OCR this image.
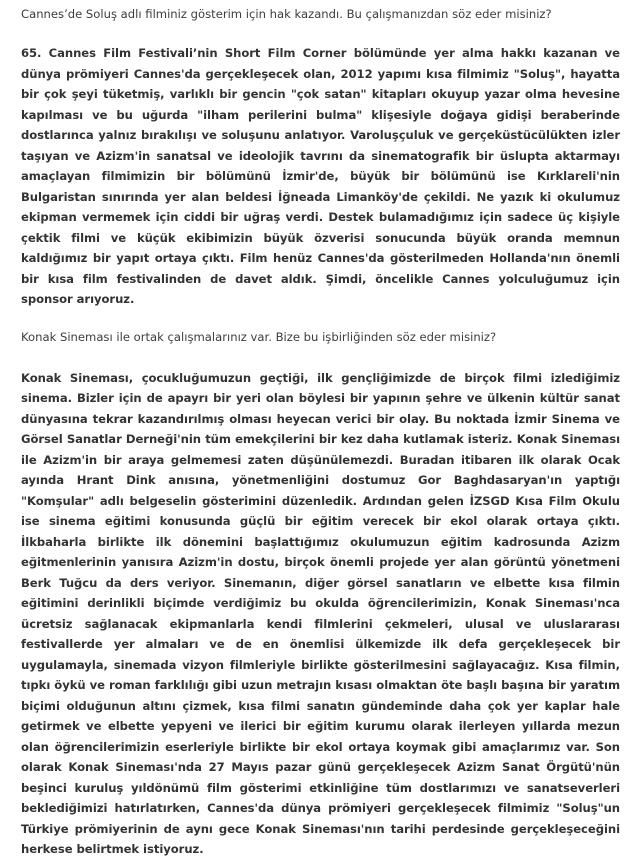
Cannes’de Soluş adlı filminiz gösterim için hak kazandı. Bu çalışmanızdan söz eder misiniz?

65. Cannes Film Festivali’nin Short Film Corner bölümünde yer alma hakkı kazanan ve dünya prömiyeri Cannes'da gerçekleşecek olan, 2012 yapımı kısa filmimiz "Soluş", hayatta bir çok şeyi tüketmiş, varlıklı bir gencin "çok satan" kitapları okuyup yazar olma hevesine kapılması ve bu uğurda "ilham perilerini bulma" klişesiyle doğaya gidişi beraberinde dostlarınca yalnız bırakılışı ve soluşunu anlatıyor. Varoluşçuluk ve gerçeküstücülükten izler taşıyan ve Azizm'in sanatsal ve ideolojik tavrını da sinematografik bir üslupta aktarmayı amaçlayan filmimizin bir bölümünü İzmir'de, büyük bir bölümünü ise Kırklareli'nin Bulgaristan sınırında yer alan beldesi İğneada Limanköy'de çekildi. Ne yazık ki okulumuz ekipman vermemek için ciddi bir uğraş verdi. Destek bulamadığımız için sadece üç kişiyle çektik filmi ve küçük ekibimizin büyük özverisi sonucunda büyük oranda memnun kaldığımız bir yapıt ortaya çıktı. Film henüz Cannes'da gösterilmeden Hollanda'nın önemli bir kısa film festivalinden de davet aldık. Şimdi, öncelikle Cannes yolculuğumuz için sponsor arıyoruz.

Konak Sineması ile ortak çalışmalarınız var. Bize bu işbirliğinden söz eder misiniz?

Konak Sineması, çocukluğumuzun geçtiği, ilk gençliğimizde de birçok filmi izlediğimiz sinema. Bizler için de apayrı bir yeri olan böylesi bir yapının şehre ve ülkenin kültür sanat dünyasına tekrar kazandırılmış olması heyecan verici bir olay. Bu noktada İzmir Sinema ve Görsel Sanatlar Derneği'nin tüm emekçilerini bir kez daha kutlamak isteriz. Konak Sineması ile Azizm'in bir araya gelmemesi zaten düşünülemezdi. Buradan itibaren ilk olarak Ocak ayında Hrant Dink anısına, yönetmenliğini dostumuz Gor Baghdasaryan'ın yaptığı "Komşular" adlı belgeselin gösterimini düzenledik. Ardından gelen İZSGD Kısa Film Okulu ise sinema eğitimi konusunda güçlü bir eğitim verecek bir ekol olarak ortaya çıktı. İlkbaharla birlikte ilk dönemini başlattığımız okulumuzun eğitim kadrosunda Azizm eğitmenlerinin yanısıra Azizm'in dostu, birçok önemli projede yer alan görüntü yönetmeni Berk Tuğcu da ders veriyor. Sinemanın, diğer görsel sanatların ve elbette kısa filmin eğitimini derinlikli biçimde verdiğimiz bu okulda öğrencilerimizin, Konak Sineması'nca ücretsiz sağlanacak ekipmanlarla kendi filmlerini çekmeleri, ulusal ve uluslararası festivallerde yer almaları ve de en önemlisi ülkemizde ilk defa gerçekleşecek bir uygulamayla, sinemada vizyon filmleriyle birlikte gösterilmesini sağlayacağız. Kısa filmin, tıpkı öykü ve roman farklılığı gibi uzun metrajın kısası olmaktan öte başlı başına bir yaratım biçimi olduğunun altını çizmek, kısa filmi sanatın gündeminde daha çok yer kaplar hale getirmek ve elbette yepyeni ve ilerici bir eğitim kurumu olarak ilerleyen yıllarda mezun olan öğrencilerimizin eserleriyle birlikte bir ekol ortaya koymak gibi amaçlarımız var. Son olarak Konak Sineması'nda 27 Mayıs pazar günü gerçekleşecek Azizm Sanat Örgütü'nün beşinci kuruluş yıldönümü film gösterimi etkinliğine tüm dostlarımızı ve sanatseverleri beklediğimizi hatırlatırken, Cannes'da dünya prömiyeri gerçekleşecek filmimiz "Soluş"un Türkiye prömiyerinin de aynı gece Konak Sineması'nın tarihi perdesinde gerçekleşeceğini herkese belirtmek istiyoruz.
